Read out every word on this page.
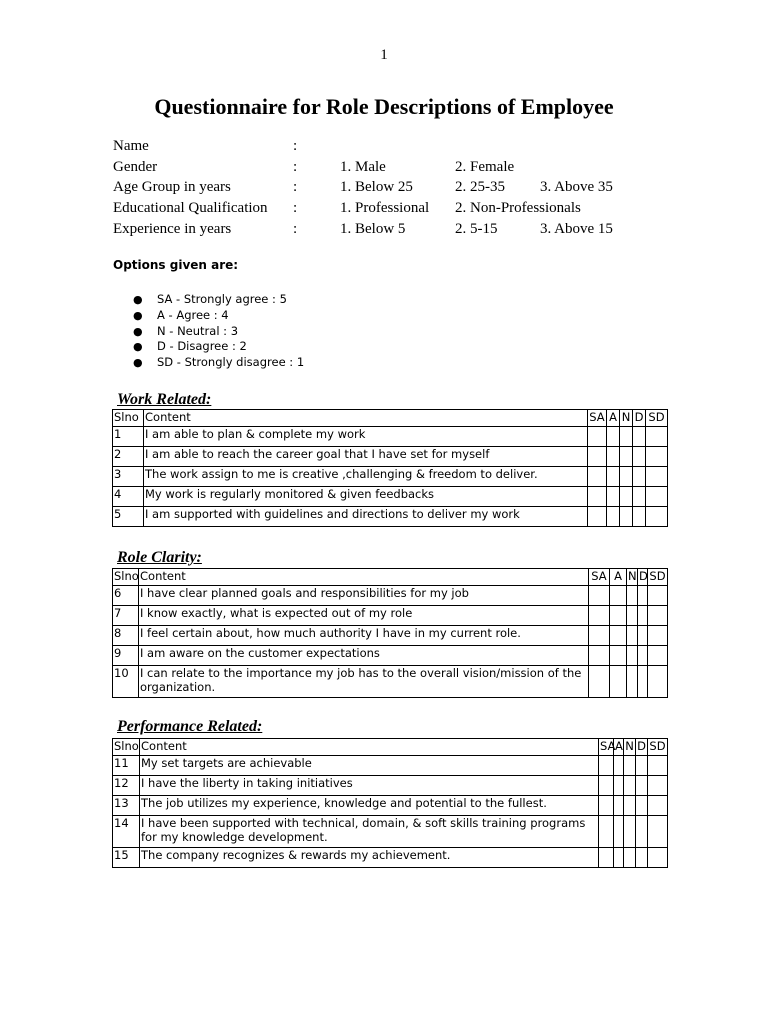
1
Questionnaire for Role Descriptions of Employee
Name	:	
Gender	:	1. Male 2. Female
Age Group in years	:	1. Below 25 2. 25-35 3. Above 35
Educational Qualification	:	1. Professional 2. Non-Professionals
Experience in years	:	1. Below 5 2. 5-15 3. Above 15
Options given are:
● SA - Strongly agree : 5
● A - Agree : 4
● N - Neutral : 3
● D - Disagree : 2
● SD - Strongly disagree : 1
Work Related:
Slno	Content	SA	A	N	D	SD
1	I am able to plan & complete my work					
2	I am able to reach the career goal that I have set for myself					
3	The work assign to me is creative ,challenging & freedom to deliver.					
4	My work is regularly monitored & given feedbacks					
5	I am supported with guidelines and directions to deliver my work					
Role Clarity:
Slno	Content	SA	A	N	D	SD
6	I have clear planned goals and responsibilities for my job					
7	I know exactly, what is expected out of my role					
8	I feel certain about, how much authority I have in my current role.					
9	I am aware on the customer expectations					
10	I can relate to the importance my job has to the overall vision/mission of the organization.					
Performance Related:
Slno	Content	SA	A	N	D	SD
11	My set targets are achievable					
12	I have the liberty in taking initiatives					
13	The job utilizes my experience, knowledge and potential to the fullest.					
14	I have been supported with technical, domain, & soft skills training programs for my knowledge development.					
15	The company recognizes & rewards my achievement.					
